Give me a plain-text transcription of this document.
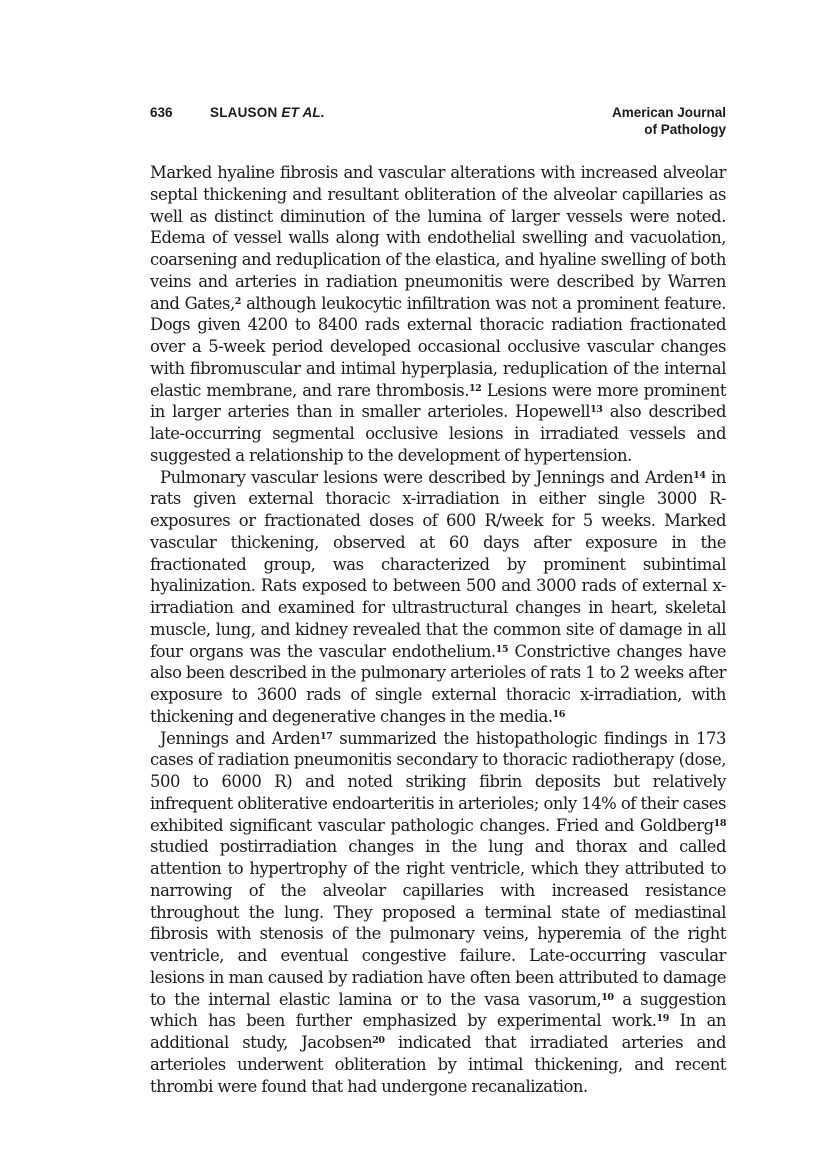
636	SLAUSON ET AL.	American Journal
of Pathology

Marked hyaline fibrosis and vascular alterations with increased alveolar septal thickening and resultant obliteration of the alveolar capillaries as well as distinct diminution of the lumina of larger vessels were noted. Edema of vessel walls along with endothelial swelling and vacuolation, coarsening and reduplication of the elastica, and hyaline swelling of both veins and arteries in radiation pneumonitis were described by Warren and Gates,$^2$ although leukocytic infiltration was not a prominent feature. Dogs given 4200 to 8400 rads external thoracic radiation fractionated over a 5-week period developed occasional occlusive vascular changes with fibromuscular and intimal hyperplasia, reduplication of the internal elastic membrane, and rare thrombosis.$^{12}$ Lesions were more prominent in larger arteries than in smaller arterioles. Hopewell$^{13}$ also described late-occurring segmental occlusive lesions in irradiated vessels and suggested a relationship to the development of hypertension.

Pulmonary vascular lesions were described by Jennings and Arden$^{14}$ in rats given external thoracic x-irradiation in either single 3000 R-exposures or fractionated doses of 600 R/week for 5 weeks. Marked vascular thickening, observed at 60 days after exposure in the fractionated group, was characterized by prominent subintimal hyalinization. Rats exposed to between 500 and 3000 rads of external x-irradiation and examined for ultrastructural changes in heart, skeletal muscle, lung, and kidney revealed that the common site of damage in all four organs was the vascular endothelium.$^{15}$ Constrictive changes have also been described in the pulmonary arterioles of rats 1 to 2 weeks after exposure to 3600 rads of single external thoracic x-irradiation, with thickening and degenerative changes in the media.$^{16}$

Jennings and Arden$^{17}$ summarized the histopathologic findings in 173 cases of radiation pneumonitis secondary to thoracic radiotherapy (dose, 500 to 6000 R) and noted striking fibrin deposits but relatively infrequent obliterative endoarteritis in arterioles; only 14% of their cases exhibited significant vascular pathologic changes. Fried and Goldberg$^{18}$ studied postirradiation changes in the lung and thorax and called attention to hypertrophy of the right ventricle, which they attributed to narrowing of the alveolar capillaries with increased resistance throughout the lung. They proposed a terminal state of mediastinal fibrosis with stenosis of the pulmonary veins, hyperemia of the right ventricle, and eventual congestive failure. Late-occurring vascular lesions in man caused by radiation have often been attributed to damage to the internal elastic lamina or to the vasa vasorum,$^{10}$ a suggestion which has been further emphasized by experimental work.$^{19}$ In an additional study, Jacobsen$^{20}$ indicated that irradiated arteries and arterioles underwent obliteration by intimal thickening, and recent thrombi were found that had undergone recanalization.
